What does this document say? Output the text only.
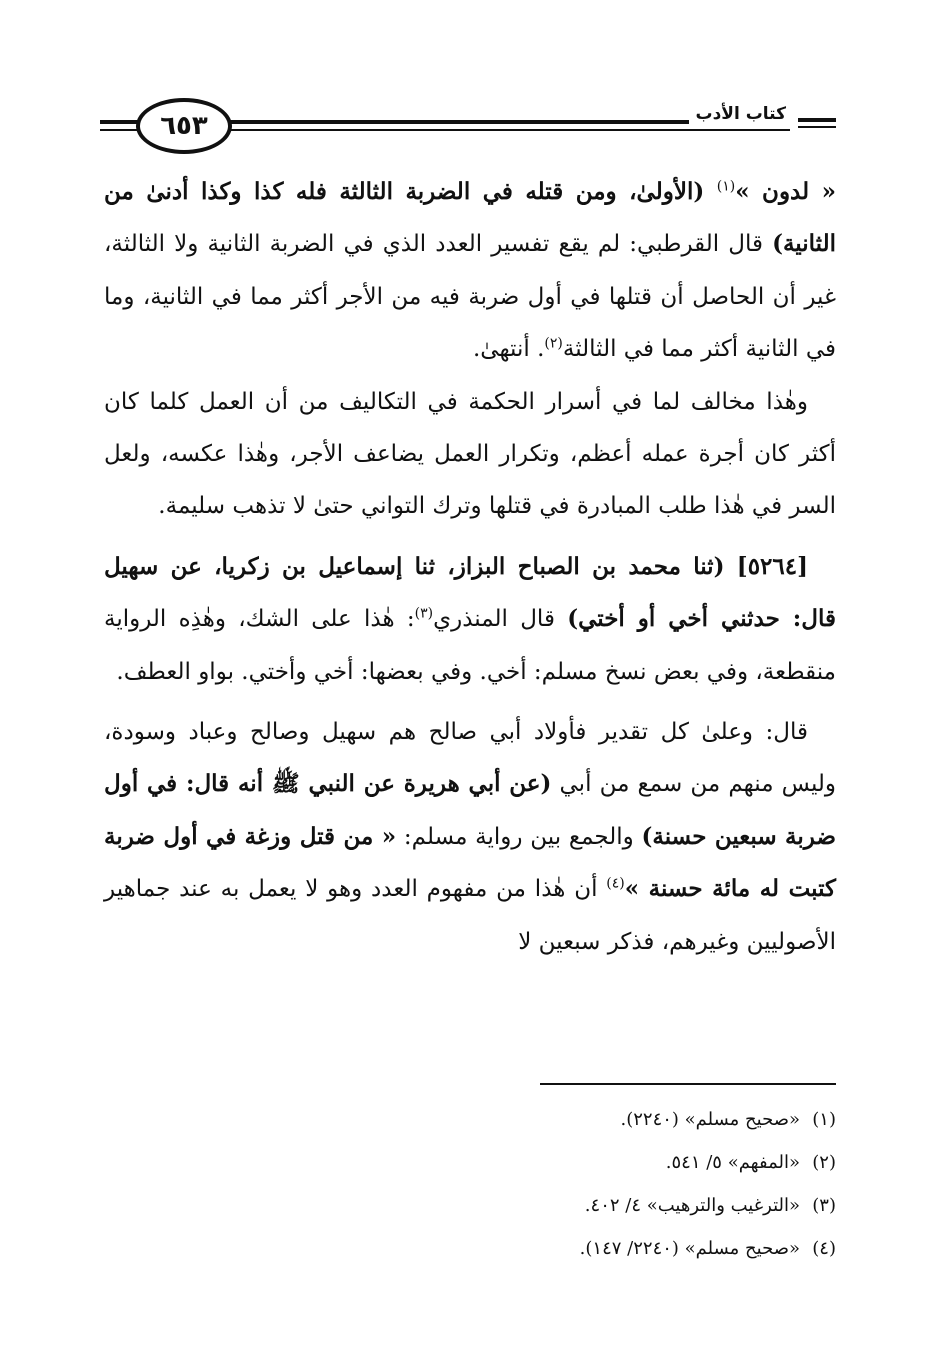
٦٥٣	كتاب الأدب

« لدون »$^{(١)}$ (الأولىٰ، ومن قتله في الضربة الثالثة فله كذا وكذا أدنىٰ من الثانية) قال القرطبي: لم يقع تفسير العدد الذي في الضربة الثانية ولا الثالثة، غير أن الحاصل أن قتلها في أول ضربة فيه من الأجر أكثر مما في الثانية، وما في الثانية أكثر مما في الثالثة$^{(٢)}$. أنتهىٰ.

وهٰذا مخالف لما في أسرار الحكمة في التكاليف من أن العمل كلما كان أكثر كان أجرة عمله أعظم، وتكرار العمل يضاعف الأجر، وهٰذا عكسه، ولعل السر في هٰذا طلب المبادرة في قتلها وترك التواني حتىٰ لا تذهب سليمة.

[٥٢٦٤] (ثنا محمد بن الصباح البزاز، ثنا إسماعيل بن زكريا، عن سهيل قال: حدثني أخي أو أختي) قال المنذري$^{(٣)}$: هٰذا على الشك، وهٰذِه الرواية منقطعة، وفي بعض نسخ مسلم: أخي. وفي بعضها: أخي وأختي. بواو العطف.

قال: وعلىٰ كل تقدير فأولاد أبي صالح هم سهيل وصالح وعباد وسودة، وليس منهم من سمع من أبي (عن أبي هريرة عن النبي ﷺ أنه قال: في أول ضربة سبعين حسنة) والجمع بين رواية مسلم: « من قتل وزغة في أول ضربة كتبت له مائة حسنة »$^{(٤)}$ أن هٰذا من مفهوم العدد وهو لا يعمل به عند جماهير الأصوليين وغيرهم، فذكر سبعين لا

(١)«صحيح مسلم» (٢٢٤٠).
(٢)«المفهم» ٥/ ٥٤١.
(٣)«الترغيب والترهيب» ٤/ ٤٠٢.
(٤)«صحيح مسلم» (٢٢٤٠/ ١٤٧).
